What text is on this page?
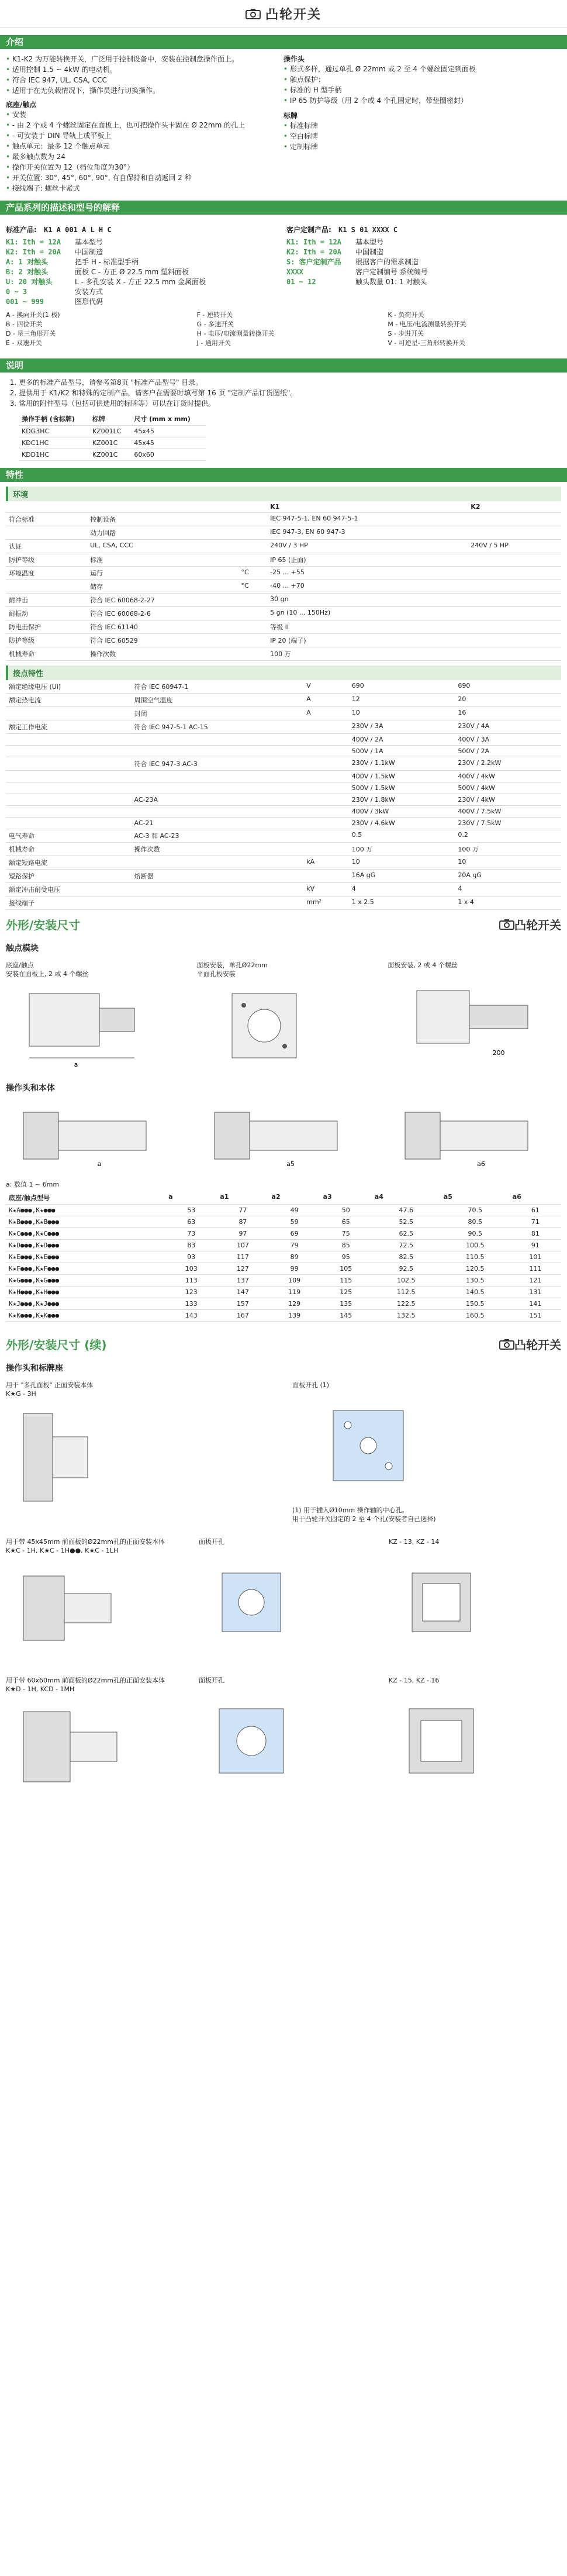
凸轮开关
介绍
• K1-K2 为万能转换开关，广泛用于控制设备中，安装在控制盘操作面上。
• 适用控制 1.5 ~ 4kW 的电动机。
• 符合 IEC 947, UL, CSA, CCC
• 适用于在无负载情况下，操作员进行切换操作。
底座/触点
• 安装
• - 由 2 个或 4 个螺丝固定在面板上，也可把操作头卡固在 Ø 22mm 的孔上
• - 可安装于 DIN 导轨上或平板上
• 触点单元：最多 12 个触点单元
• 最多触点数为 24
• 操作开关位置为 12（档位角度为30°）
• 开关位置: 30°, 45°, 60°, 90°, 有自保持和自动返回 2 种
• 接线端子: 螺丝卡紧式
操作头
• 形式多样，通过单孔 Ø 22mm 或 2 至 4 个螺丝固定到面板
• 触点保护：
• 标准的 H 型手柄
• IP 65 防护等级（用 2 个或 4 个孔固定时，带垫圈密封）
标牌
• 标准标牌
• 空白标牌
• 定制标牌
产品系列的描述和型号的解释
标准产品: K1 A 001 A L H C
K1: Ith = 12A	基本型号
K2: Ith = 20A	中国制造
A: 1 对触头	把手 H - 标准型手柄
B: 2 对触头	面板 C - 方正 Ø 22.5 mm 塑料面板
U: 20 对触头	L - 多孔安装 X - 方正 22.5 mm 金属面板
0 ~ 3	安装方式
001 ~ 999	图形代码
客户定制产品: K1 S 01 XXXX C
K1: Ith = 12A	基本型号
K2: Ith = 20A	中国制造
S: 客户定制产品	根据客户的需求制造
XXXX	客户定制编号 系统编号
01 ~ 12	触头数量 01: 1 对触头
A - 换向开关(1 极)
B - 四位开关
D - 星三角形开关
E - 双速开关
F - 逆转开关
G - 多速开关
H - 电压/电流测量转换开关
J - 通用开关
K - 负荷开关
M - 电压/电流测量转换开关
S - 步进开关
V - 可逆星-三角形转换开关
说明
1. 更多的标准产品型号，请参考第8页 "标准产品型号" 目录。
2. 提供用于 K1/K2 和特殊的定制产品，请客户在需要时填写第 16 页 "定制产品订货图纸"。
3. 常用的附件型号（包括可供选用的标牌等）可以在订货时提供。
操作手柄 (含标牌)	标牌	尺寸 (mm x mm)
KDG3HC	KZ001LC	45x45
KDC1HC	KZ001C	45x45
KDD1HC	KZ001C	60x60
特性
环境
			K1	K2
符合标准	控制设备		IEC 947-5-1, EN 60 947-5-1	
	动力回路		IEC 947-3, EN 60 947-3	
认证	UL, CSA, CCC		240V / 3 HP	240V / 5 HP
防护等级	标准		IP 65 (正面)	
环境温度	运行	°C	-25 ... +55	
	储存	°C	-40 ... +70	
耐冲击	符合 IEC 60068-2-27		30 gn	
耐振动	符合 IEC 60068-2-6		5 gn (10 ... 150Hz)	
防电击保护	符合 IEC 61140		等级 II	
防护等级	符合 IEC 60529		IP 20 (端子)	
机械寿命	操作次数		100 万	
接点特性
额定绝缘电压 (Ui)	符合 IEC 60947-1	V	690	690
额定热电流	周围空气温度	A	12	20
	封闭	A	10	16
额定工作电流	符合 IEC 947-5-1 AC-15		230V / 3A	230V / 4A
			400V / 2A	400V / 3A
			500V / 1A	500V / 2A
	符合 IEC 947-3 AC-3		230V / 1.1kW	230V / 2.2kW
			400V / 1.5kW	400V / 4kW
			500V / 1.5kW	500V / 4kW
	AC-23A		230V / 1.8kW	230V / 4kW
			400V / 3kW	400V / 7.5kW
	AC-21		230V / 4.6kW	230V / 7.5kW
电气寿命	AC-3 和 AC-23		0.5	0.2
机械寿命	操作次数		100 万	100 万
额定短路电流		kA	10	10
短路保护	熔断器		16A gG	20A gG
额定冲击耐受电压		kV	4	4
接线端子		mm²	1 x 2.5	1 x 4
外形/安装尺寸	凸轮开关
触点模块
底座/触点
安装在面板上, 2 或 4 个螺丝
a
面板安装，单孔Ø22mm
平面孔板安装
面板安装, 2 或 4 个螺丝
200
操作头和本体
a	a5	a6
a: 数值 1 ~ 6mm
底座/触点型号	a	a1	a2	a3	a4	a5	a6
K★A●●●,K★●●●	53	77	49	50	47.6	70.5	61
K★B●●●,K★B●●●	63	87	59	65	52.5	80.5	71
K★C●●●,K★C●●●	73	97	69	75	62.5	90.5	81
K★D●●●,K★D●●●	83	107	79	85	72.5	100.5	91
K★E●●●,K★E●●●	93	117	89	95	82.5	110.5	101
K★F●●●,K★F●●●	103	127	99	105	92.5	120.5	111
K★G●●●,K★G●●●	113	137	109	115	102.5	130.5	121
K★H●●●,K★H●●●	123	147	119	125	112.5	140.5	131
K★J●●●,K★J●●●	133	157	129	135	122.5	150.5	141
K★K●●●,K★K●●●	143	167	139	145	132.5	160.5	151
外形/安装尺寸 (续)	凸轮开关
操作头和标牌座
用于 "多孔面板" 正面安装本体
K★G - 3H
面板开孔 (1)
(1) 用于插入Ø10mm 操作轴的中心孔。
用于凸轮开关固定的 2 至 4 个孔(安装者自己选择)
用于带 45x45mm 前面板的Ø22mm孔的正面安装本体
K★C - 1H, K★C - 1H●●, K★C - 1LH
面板开孔	KZ - 13, KZ - 14
用于带 60x60mm 前面板的Ø22mm孔的正面安装本体
K★D - 1H, KCD - 1MH
面板开孔	KZ - 15, KZ - 16
